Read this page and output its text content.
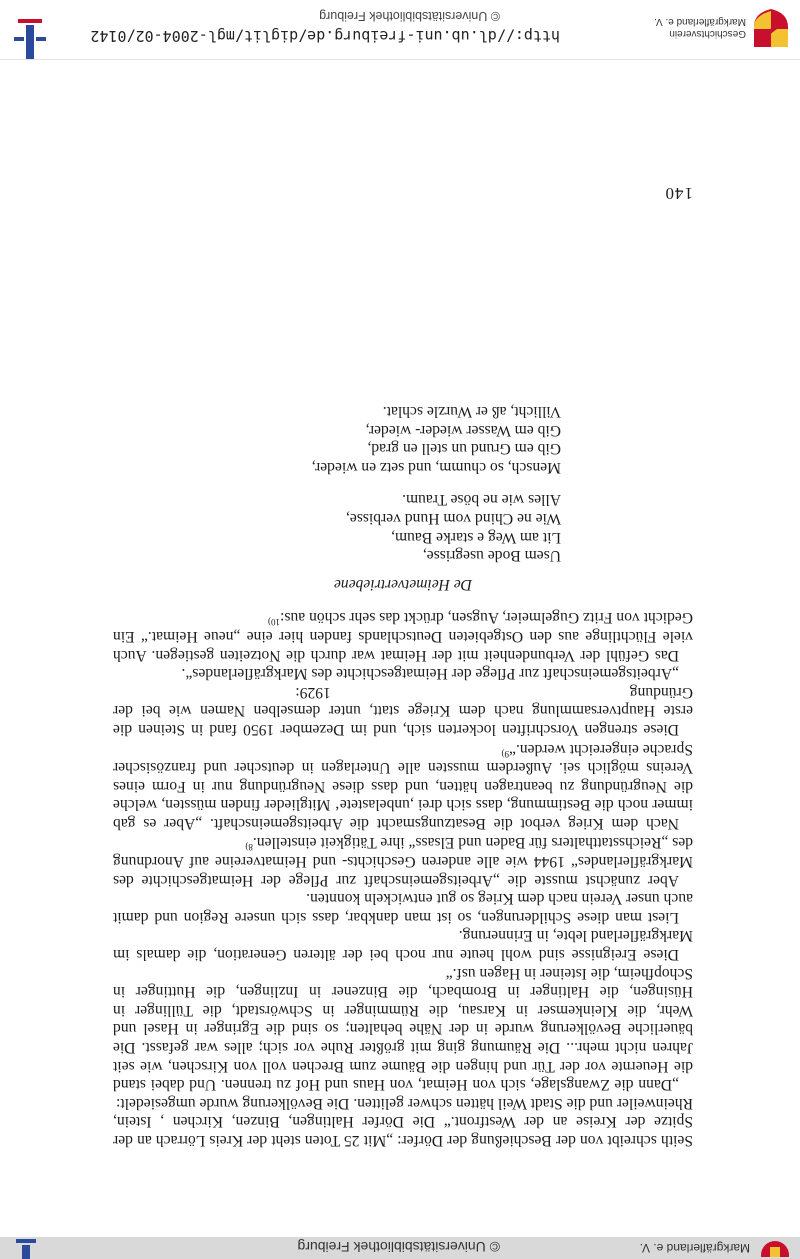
Markgräflerland e. V.
© Universitätsbibliothek Freiburg

Seith schreibt von der Beschießung der Dörfer: „Mit 25 Toten steht der Kreis Lörrach an der Spitze der Kreise an der Westfront.“ Die Dörfer Haltingen, Binzen, Kirchen , Istein, Rheinweiler und die Stadt Weil hätten schwer gelitten. Die Bevölkerung wurde umgesiedelt:

„Dann die Zwangslage, sich von Heimat, von Haus und Hof zu trennen. Und dabei stand die Heuernte vor der Tür und hingen die Bäume zum Brechen voll von Kirschen, wie seit Jahren nicht mehr... Die Räumung ging mit größter Ruhe vor sich; alles war gefasst. Die bäuerliche Bevölkerung wurde in der Nähe behalten; so sind die Egringer in Hasel und Wehr, die Kleinkemser in Karsau, die Rümminger in Schwörstadt, die Tüllinger in Hüsingen, die Haltinger in Brombach, die Binzener in Inzlingen, die Huttinger in Schopfheim, die Isteiner in Hagen usf.“

Diese Ereignisse sind wohl heute nur noch bei der älteren Generation, die damals im Markgräflerland lebte, in Erinnerung.

Liest man diese Schilderungen, so ist man dankbar, dass sich unsere Region und damit auch unser Verein nach dem Krieg so gut entwickeln konnten.

Aber zunächst musste die „Arbeitsgemeinschaft zur Pflege der Heimatgeschichte des Markgräflerlandes“ 1944 wie alle anderen Geschichts- und Heimatvereine auf Anordnung des „Reichsstatthalters für Baden und Elsass“ ihre Tätigkeit einstellen.$^{8)}$

Nach dem Krieg verbot die Besatzungsmacht die Arbeitsgemeinschaft. „Aber es gab immer noch die Bestimmung, dass sich drei ,unbelastete‘ Mitglieder finden müssten, welche die Neugründung zu beantragen hätten, und dass diese Neugründung nur in Form eines Vereins möglich sei. Außerdem mussten alle Unterlagen in deutscher und französischer Sprache eingereicht werden.“$^{9)}$

Diese strengen Vorschriften lockerten sich, und im Dezember 1950 fand in Steinen die erste Hauptversammlung nach dem Kriege statt, unter demselben Namen wie bei der Gründung 1929:

„Arbeitsgemeinschaft zur Pflege der Heimatgeschichte des Markgräflerlandes“.

Das Gefühl der Verbundenheit mit der Heimat war durch die Notzeiten gestiegen. Auch viele Flüchtlinge aus den Ostgebieten Deutschlands fanden hier eine „neue Heimat.“ Ein Gedicht von Fritz Gugelmeier, Augsen, drückt das sehr schön aus:$^{10)}$

De Heimetvertriebene

Usem Bode usegrisse,
Lit am Weg e starke Baum,
Wie ne Chind vom Hund verbisse,
Alles wie ne böse Traum.
Mensch, so chumm, und setz en wieder,
Gib em Grund un stell en grad,
Gib em Wasser wieder- wieder,
Villicht, aß er Wurzle schlat.
140
Geschichtsverein
Markgräflerland e. V.
http://dl.ub.uni-freiburg.de/diglit/mgl-2004-02/0142
© Universitätsbibliothek Freiburg
